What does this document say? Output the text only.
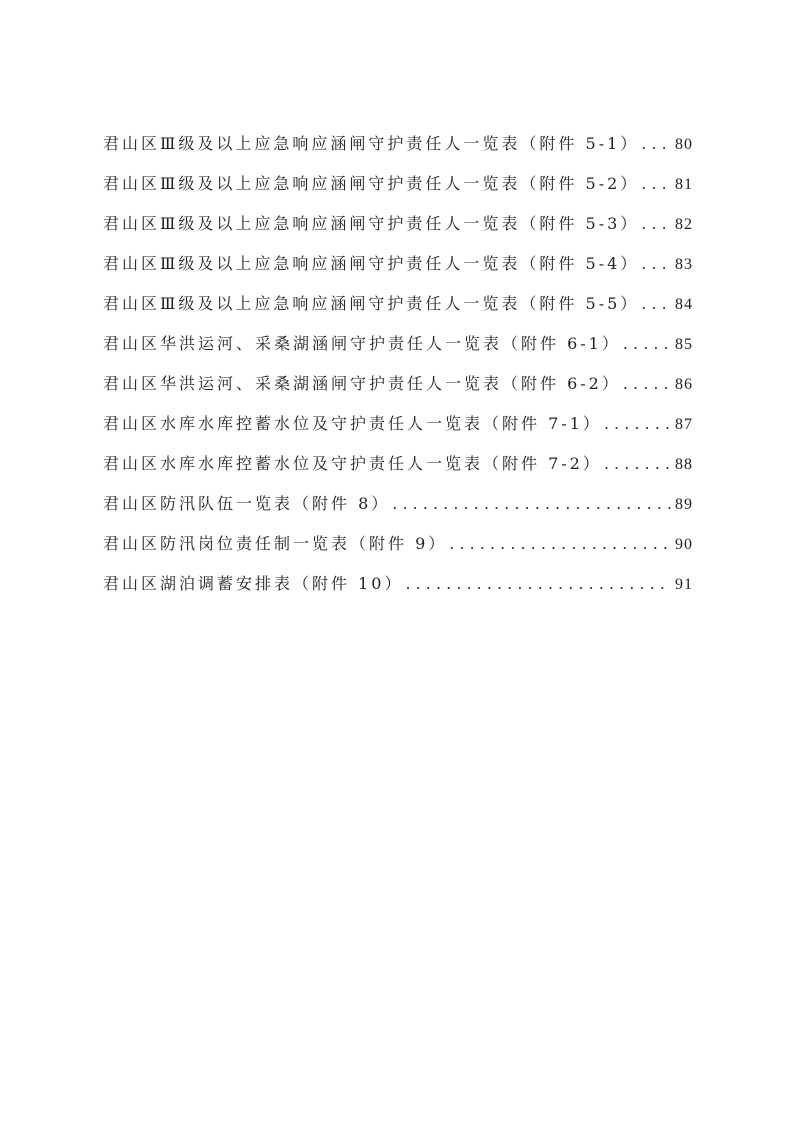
君山区Ⅲ级及以上应急响应涵闸守护责任人一览表（附件 5-1） . . . 80
君山区Ⅲ级及以上应急响应涵闸守护责任人一览表（附件 5-2） . . . 81
君山区Ⅲ级及以上应急响应涵闸守护责任人一览表（附件 5-3） . . . 82
君山区Ⅲ级及以上应急响应涵闸守护责任人一览表（附件 5-4） . . . 83
君山区Ⅲ级及以上应急响应涵闸守护责任人一览表（附件 5-5） . . . 84
君山区华洪运河、采桑湖涵闸守护责任人一览表（附件 6-1） . . .	85
君山区华洪运河、采桑湖涵闸守护责任人一览表（附件 6-2） . . .	86
君山区水库水库控蓄水位及守护责任人一览表（附件 7-1） . . .	87
君山区水库水库控蓄水位及守护责任人一览表（附件 7-2） . . .	88
君山区防汛队伍一览表（附件 8） . . .	89
君山区防汛岗位责任制一览表（附件 9） . . .	90
君山区湖泊调蓄安排表（附件 10） . . .	91
